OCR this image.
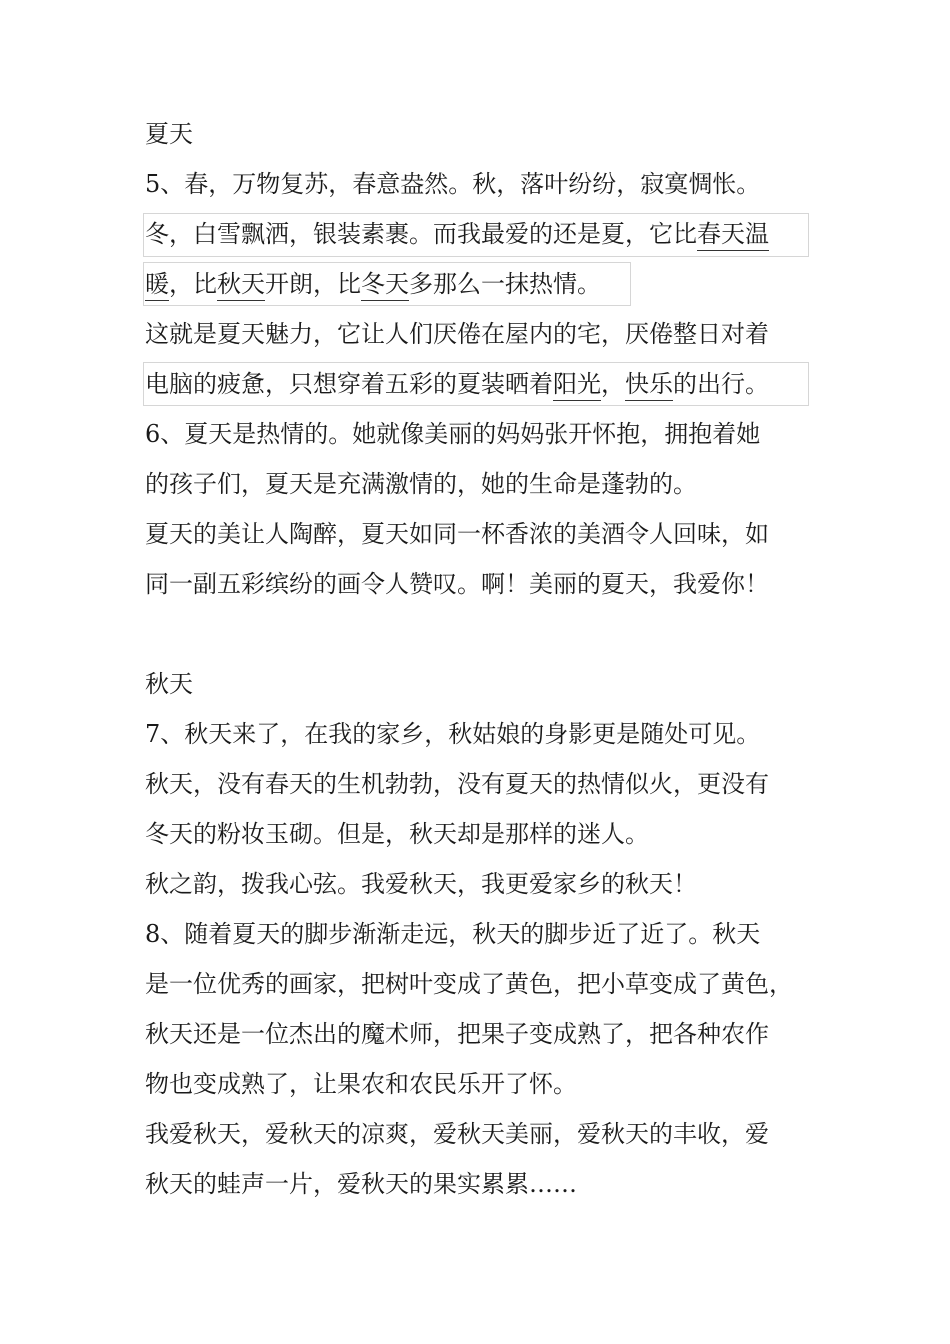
夏天
5、春，万物复苏，春意盎然。秋，落叶纷纷，寂寞惆怅。
冬，白雪飘洒，银装素裹。而我最爱的还是夏，它比春天温
暖，比秋天开朗，比冬天多那么一抹热情。
这就是夏天魅力，它让人们厌倦在屋内的宅，厌倦整日对着
电脑的疲惫，只想穿着五彩的夏装晒着阳光，快乐的出行。
6、夏天是热情的。她就像美丽的妈妈张开怀抱，拥抱着她
的孩子们，夏天是充满激情的，她的生命是蓬勃的。
夏天的美让人陶醉，夏天如同一杯香浓的美酒令人回味，如
同一副五彩缤纷的画令人赞叹。啊！美丽的夏天，我爱你！
秋天
7、秋天来了，在我的家乡，秋姑娘的身影更是随处可见。
秋天，没有春天的生机勃勃，没有夏天的热情似火，更没有
冬天的粉妆玉砌。但是，秋天却是那样的迷人。
秋之韵，拨我心弦。我爱秋天，我更爱家乡的秋天！
8、随着夏天的脚步渐渐走远，秋天的脚步近了近了。秋天
是一位优秀的画家，把树叶变成了黄色，把小草变成了黄色，
秋天还是一位杰出的魔术师，把果子变成熟了，把各种农作
物也变成熟了，让果农和农民乐开了怀。
我爱秋天，爱秋天的凉爽，爱秋天美丽，爱秋天的丰收，爱
秋天的蛙声一片，爱秋天的果实累累……
